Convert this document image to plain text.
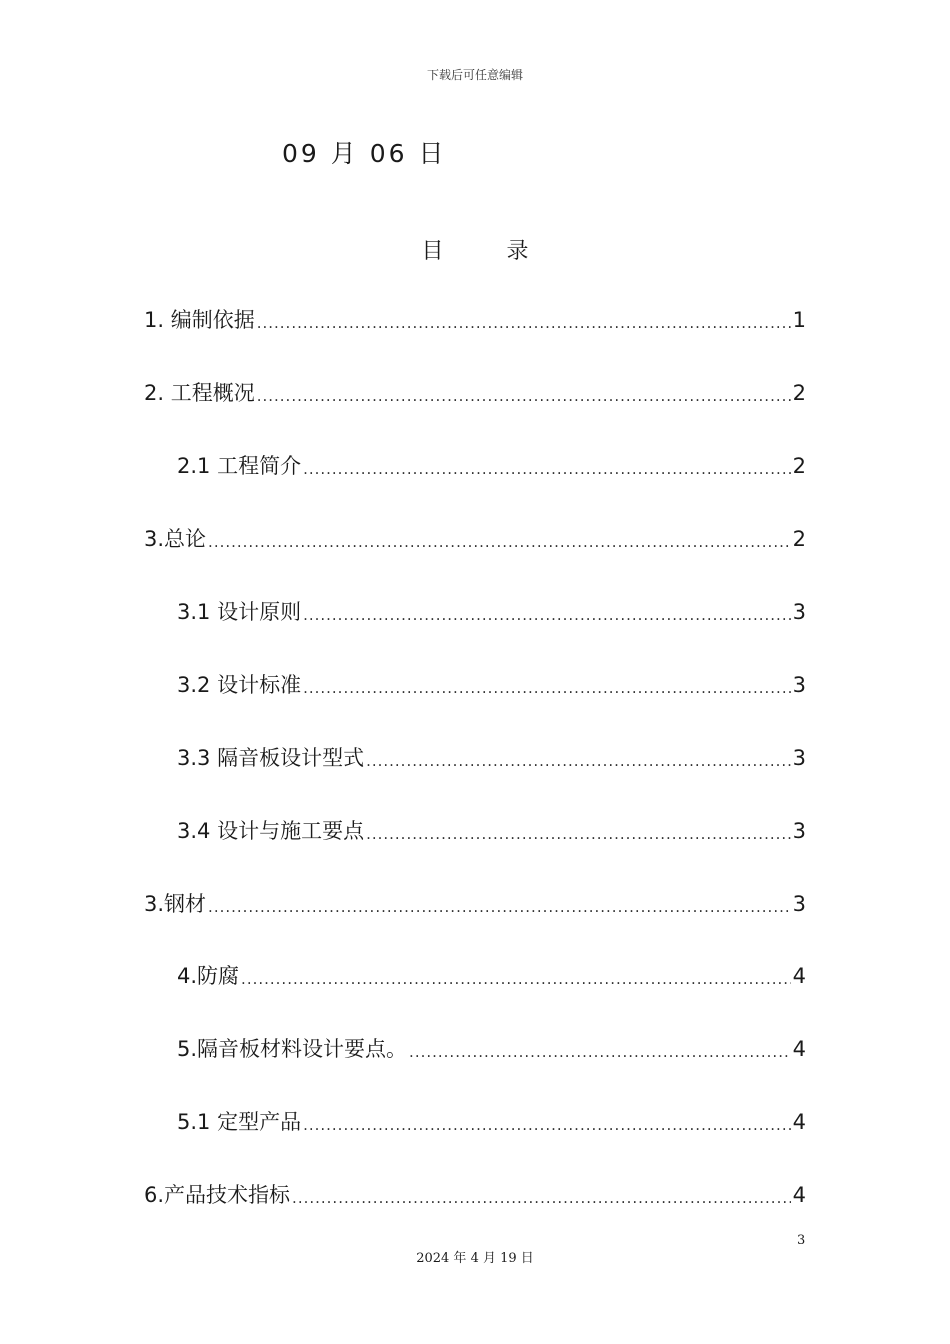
下载后可任意编辑
09 月 06 日
目 录
1. 编制依据 .....	1
2. 工程概况 .....	2
2.1 工程简介 .....	2
3.总论 .....	2
3.1 设计原则 .....	3
3.2 设计标准 .....	3
3.3 隔音板设计型式 .....	3
3.4 设计与施工要点 .....	3
3.钢材 .....	3
4.防腐 .....	4
5.隔音板材料设计要点。 .....	4
5.1 定型产品 .....	4
6.产品技术指标 .....	4
3
2024 年 4 月 19 日
